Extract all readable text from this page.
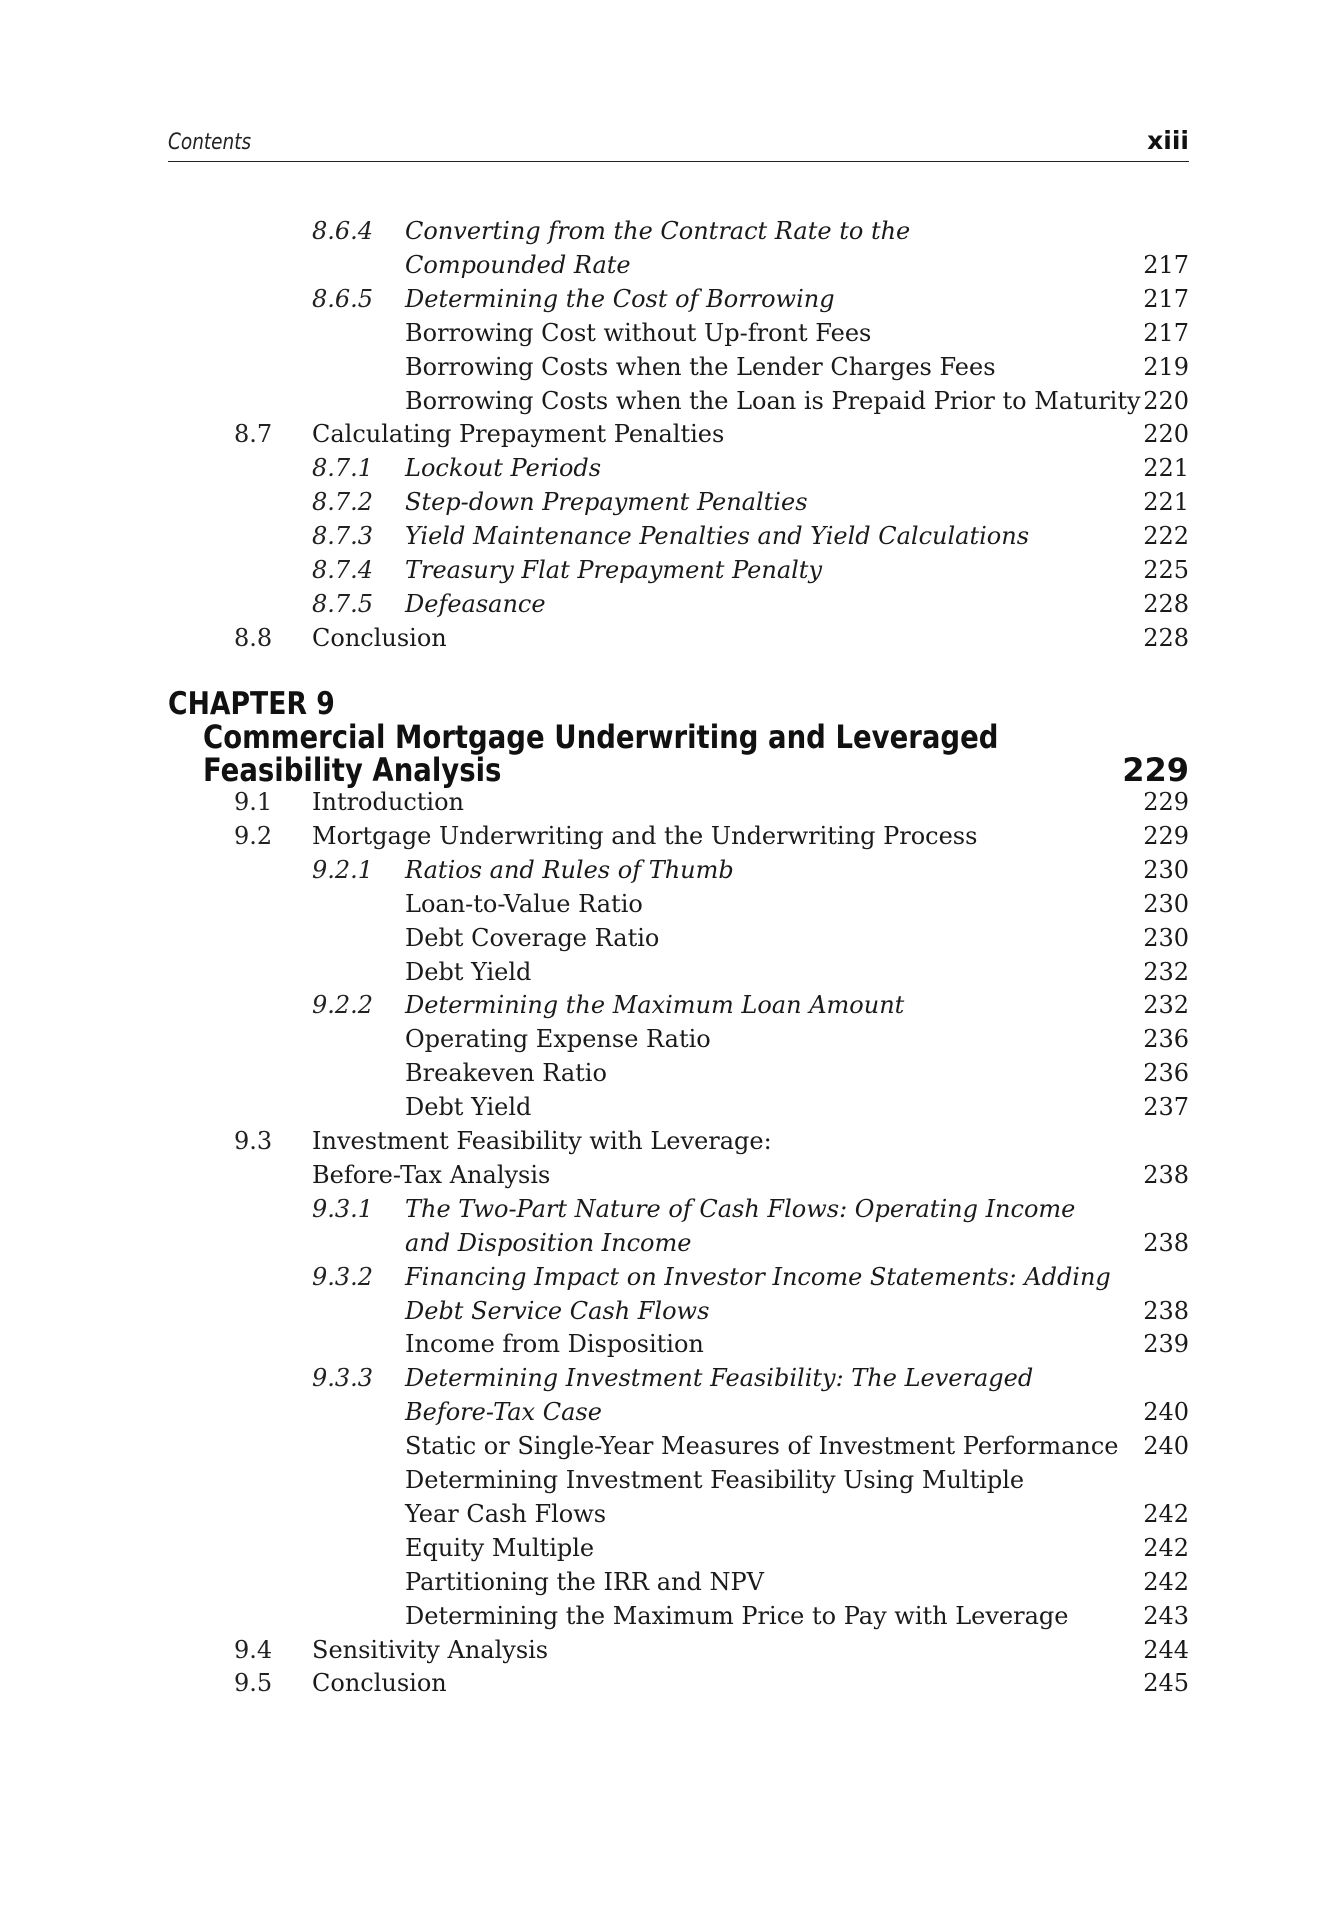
Contents	xiii
8.6.4 Converting from the Contract Rate to the
Compounded Rate	217
8.6.5 Determining the Cost of Borrowing	217
Borrowing Cost without Up-front Fees	217
Borrowing Costs when the Lender Charges Fees	219
Borrowing Costs when the Loan is Prepaid Prior to Maturity 220
8.7 Calculating Prepayment Penalties	220
8.7.1 Lockout Periods	221
8.7.2 Step-down Prepayment Penalties	221
8.7.3 Yield Maintenance Penalties and Yield Calculations	222
8.7.4 Treasury Flat Prepayment Penalty	225
8.7.5 Defeasance	228
8.8 Conclusion	228
CHAPTER 9
Commercial Mortgage Underwriting and Leveraged
Feasibility Analysis	229
9.1 Introduction	229
9.2 Mortgage Underwriting and the Underwriting Process	229
9.2.1 Ratios and Rules of Thumb	230
Loan-to-Value Ratio	230
Debt Coverage Ratio	230
Debt Yield	232
9.2.2 Determining the Maximum Loan Amount	232
Operating Expense Ratio	236
Breakeven Ratio	236
Debt Yield	237
9.3 Investment Feasibility with Leverage:
Before-Tax Analysis	238
9.3.1 The Two-Part Nature of Cash Flows: Operating Income
and Disposition Income	238
9.3.2 Financing Impact on Investor Income Statements: Adding
Debt Service Cash Flows	238
Income from Disposition	239
9.3.3 Determining Investment Feasibility: The Leveraged
Before-Tax Case	240
Static or Single-Year Measures of Investment Performance 240
Determining Investment Feasibility Using Multiple
Year Cash Flows	242
Equity Multiple	242
Partitioning the IRR and NPV	242
Determining the Maximum Price to Pay with Leverage	243
9.4 Sensitivity Analysis	244
9.5 Conclusion	245
